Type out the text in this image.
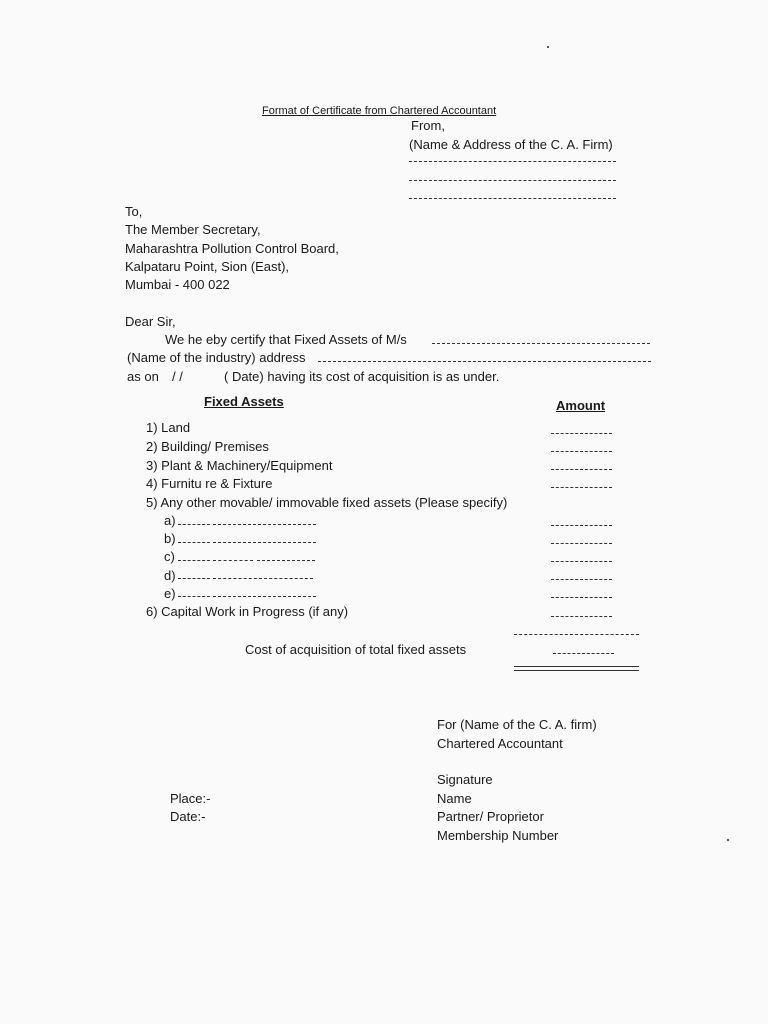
Format of Certificate from Chartered Accountant
From,
(Name & Address of the C. A. Firm)
To,
The Member Secretary,
Maharashtra Pollution Control Board,
Kalpataru Point, Sion (East),
Mumbai - 400 022
Dear Sir,
We he eby certify that Fixed Assets of M/s
(Name of the industry) address
as on / /	( Date) having its cost of acquisition is as under.
Fixed Assets	Amount
1) Land
2) Building/ Premises
3) Plant & Machinery/Equipment
4) Furnitu re & Fixture
5) Any other movable/ immovable fixed assets (Please specify)
a)
b)
c)
d)
e)
6) Capital Work in Progress (if any)
Cost of acquisition of total fixed assets
For (Name of the C. A. firm)
Chartered Accountant
Signature
Place:-	Name
Date:-	Partner/ Proprietor
Membership Number
